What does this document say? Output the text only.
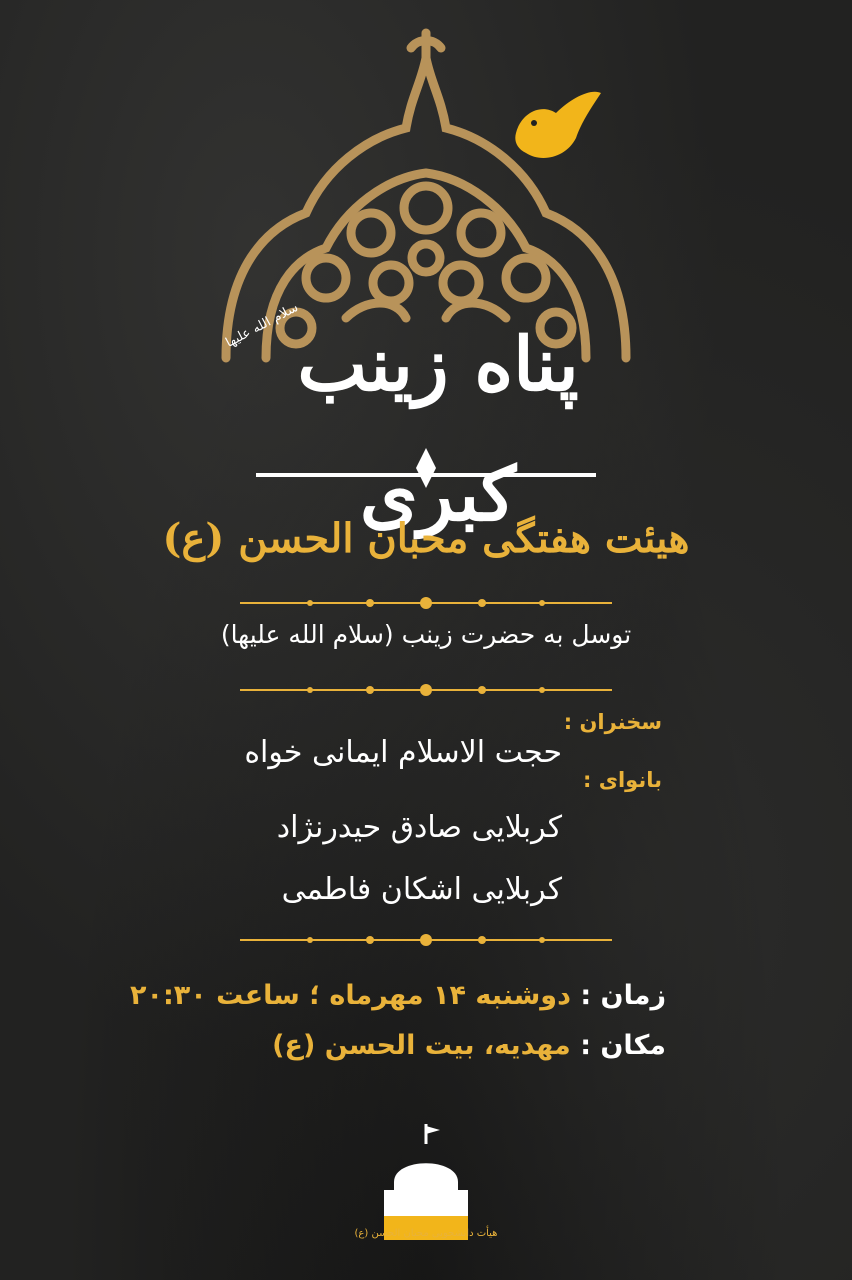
پناه زینب کبری
سلام الله علیها
هیئت هفتگی محبان الحسن (ع)
توسل به حضرت زینب (سلام الله علیها)
سخنران :
حجت الاسلام ایمانی خواه
بانوای :
کربلایی صادق حیدرنژاد
کربلایی اشکان فاطمی
زمان : دوشنبه ۱۴ مهرماه ؛ ساعت ۲۰:۳۰
مکان : مهدیه، بیت الحسن (ع)
هیأت دانشجویی محبان الحسن (ع)
